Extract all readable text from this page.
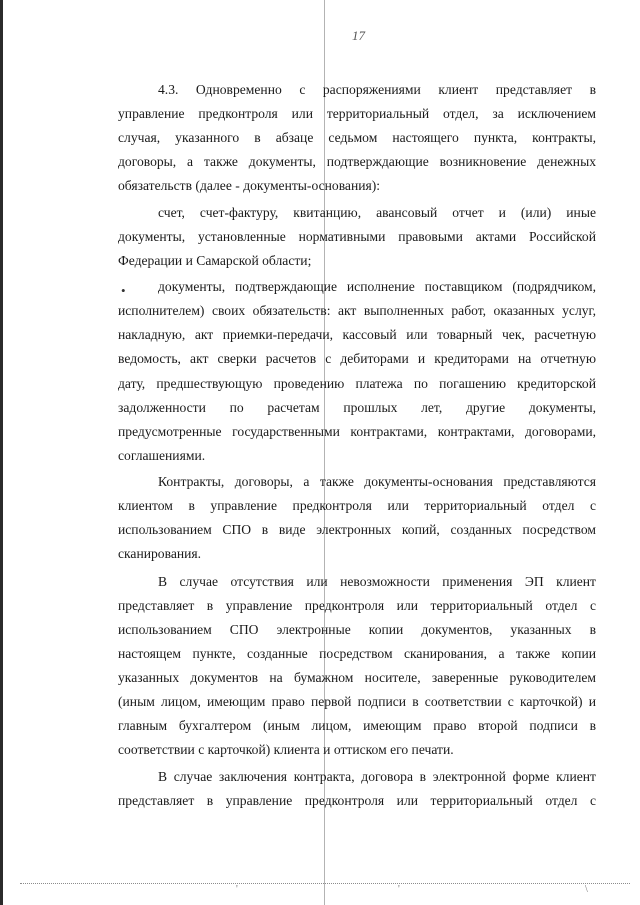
17
•
4.3. Одновременно с распоряжениями клиент представляет в
управление предконтроля или территориальный отдел, за исключением
случая, указанного в абзаце седьмом настоящего пункта, контракты,
договоры, а также документы, подтверждающие возникновение денежных
обязательств (далее - документы-основания):
счет, счет-фактуру, квитанцию, авансовый отчет и (или) иные
документы, установленные нормативными правовыми актами Российской
Федерации и Самарской области;
документы, подтверждающие исполнение поставщиком (подрядчиком,
исполнителем) своих обязательств: акт выполненных работ, оказанных услуг,
накладную, акт приемки-передачи, кассовый или товарный чек, расчетную
ведомость, акт сверки расчетов с дебиторами и кредиторами на отчетную
дату, предшествующую проведению платежа по погашению кредиторской
задолженности по расчетам прошлых лет, другие документы,
предусмотренные государственными контрактами, контрактами, договорами,
соглашениями.
Контракты, договоры, а также документы-основания представляются
клиентом в управление предконтроля или территориальный отдел с
использованием СПО в виде электронных копий, созданных посредством
сканирования.
В случае отсутствия или невозможности применения ЭП клиент
представляет в управление предконтроля или территориальный отдел с
использованием СПО электронные копии документов, указанных в
настоящем пункте, созданные посредством сканирования, а также копии
указанных документов на бумажном носителе, заверенные руководителем
(иным лицом, имеющим право первой подписи в соответствии с карточкой) и
главным бухгалтером (иным лицом, имеющим право второй подписи в
соответствии с карточкой) клиента и оттиском его печати.
В случае заключения контракта, договора в электронной форме клиент
представляет в управление предконтроля или территориальный отдел с
'	'	\
